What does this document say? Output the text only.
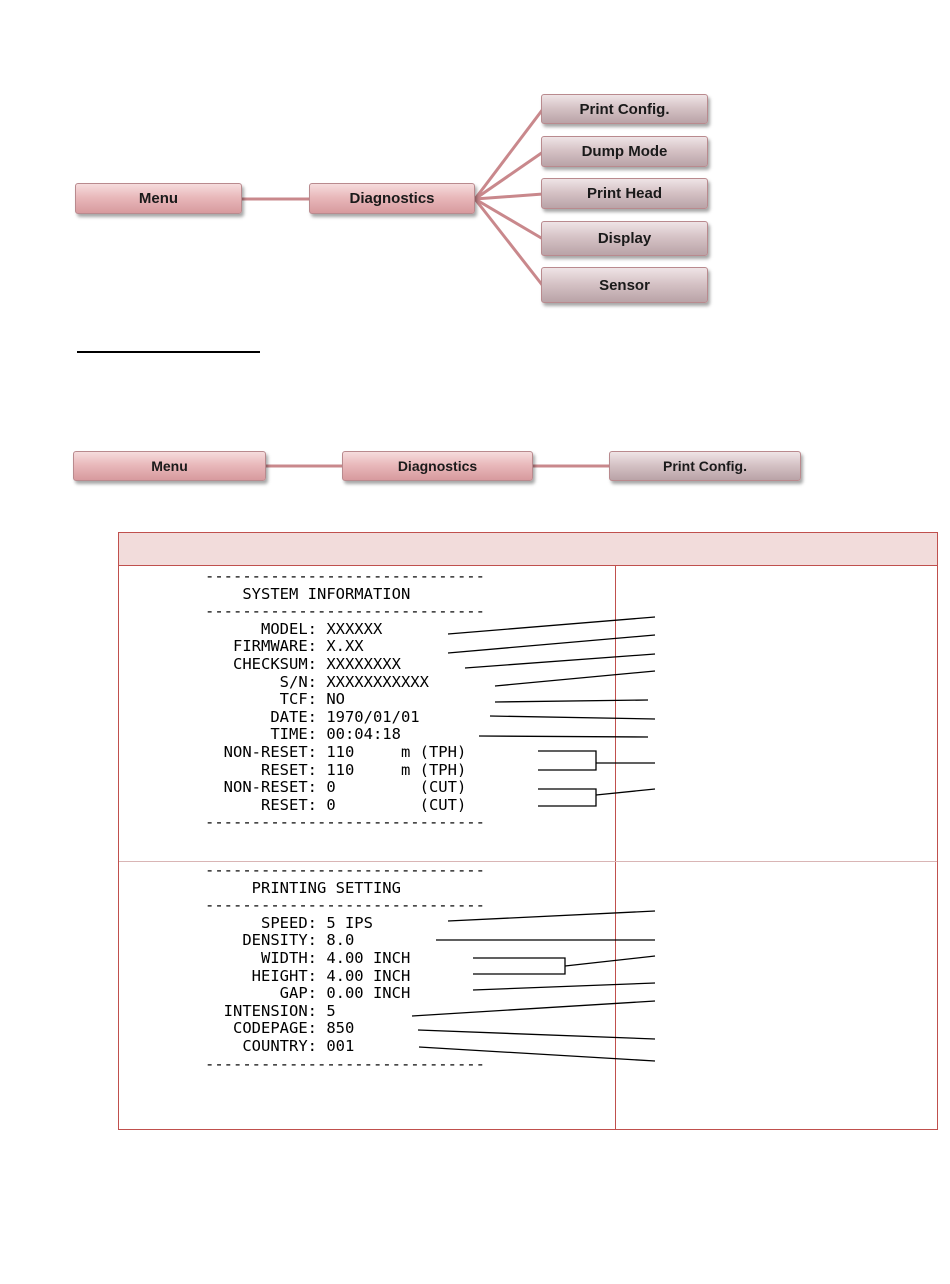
Menu	Diagnostics
Print Config.
Dump Mode
Print Head
Display
Sensor
Menu	Diagnostics	Print Config.
------------------------------
SYSTEM INFORMATION
------------------------------
MODEL: XXXXXX
FIRMWARE: X.XX
CHECKSUM: XXXXXXXX
S/N: XXXXXXXXXXX
TCF: NO
DATE: 1970/01/01
TIME: 00:04:18
NON-RESET: 110     m (TPH)
RESET: 110     m (TPH)
NON-RESET: 0         (CUT)
RESET: 0         (CUT)
------------------------------
------------------------------
PRINTING SETTING
------------------------------
SPEED: 5 IPS
DENSITY: 8.0
WIDTH: 4.00 INCH
HEIGHT: 4.00 INCH
GAP: 0.00 INCH
INTENSION: 5
CODEPAGE: 850
COUNTRY: 001
------------------------------
